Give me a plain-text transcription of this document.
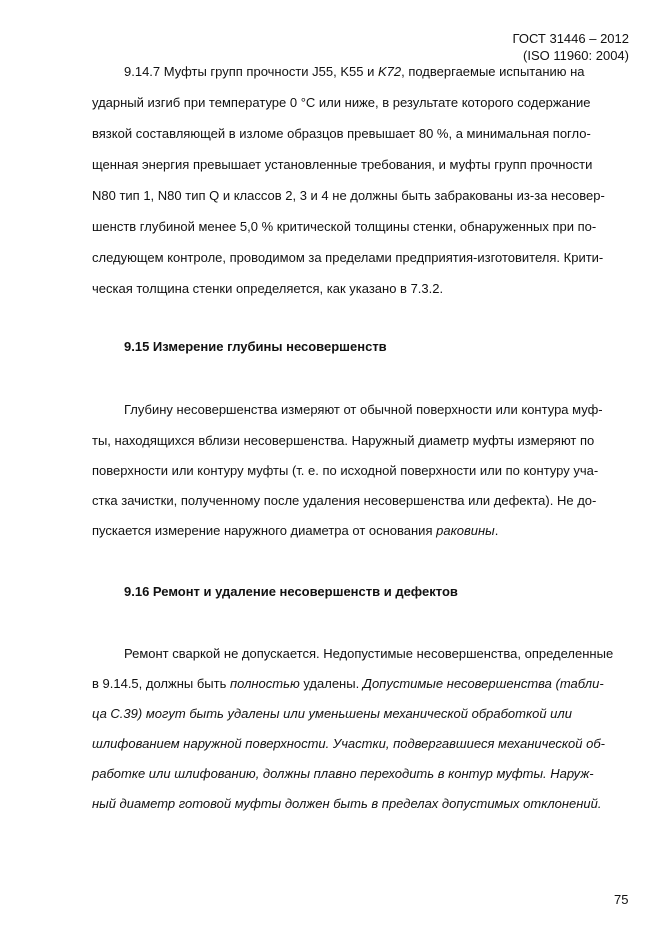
ГОСТ 31446 – 2012
(ISO 11960: 2004)
9.14.7 Муфты групп прочности J55, K55 и K72, подвергаемые испытанию на
ударный изгиб при температуре 0 °C или ниже, в результате которого содержание
вязкой составляющей в изломе образцов превышает 80 %, а минимальная погло-
щенная энергия превышает установленные требования, и муфты групп прочности
N80 тип 1, N80 тип Q и классов 2, 3 и 4 не должны быть забракованы из-за несовер-
шенств глубиной менее 5,0 % критической толщины стенки, обнаруженных при по-
следующем контроле, проводимом за пределами предприятия-изготовителя. Крити-
ческая толщина стенки определяется, как указано в 7.3.2.
9.15 Измерение глубины несовершенств
Глубину несовершенства измеряют от обычной поверхности или контура муф-
ты, находящихся вблизи несовершенства. Наружный диаметр муфты измеряют по
поверхности или контуру муфты (т. е. по исходной поверхности или по контуру уча-
стка зачистки, полученному после удаления несовершенства или дефекта). Не до-
пускается измерение наружного диаметра от основания раковины.
9.16 Ремонт и удаление несовершенств и дефектов
Ремонт сваркой не допускается. Недопустимые несовершенства, определенные
в 9.14.5, должны быть полностью удалены. Допустимые несовершенства (табли-
ца С.39) могут быть удалены или уменьшены механической обработкой или
шлифованием наружной поверхности. Участки, подвергавшиеся механической об-
работке или шлифованию, должны плавно переходить в контур муфты. Наруж-
ный диаметр готовой муфты должен быть в пределах допустимых отклонений.
75
